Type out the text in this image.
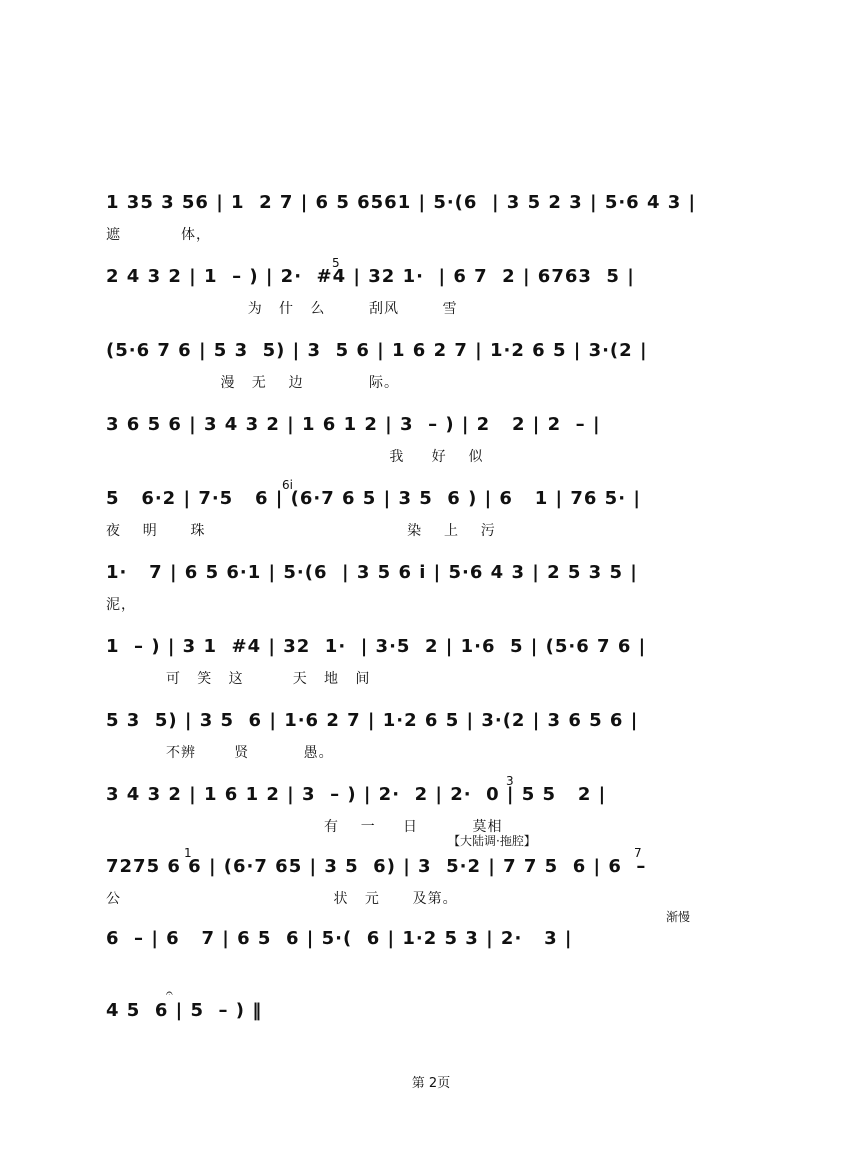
1 35 3 56 | 1  2 7 | 6 5 6561 | 5·(6  | 3 5 2 3 | 5·6 4 3 |
遮           体，
2 4 3 2 | 1  – ) | 2·  #4 | 32 1·  | 6 7  2 | 6763  5 |
为   什   么        刮风        雪
5
(5·6 7 6 | 5 3  5) | 3  5 6 | 1 6 2 7 | 1·2 6 5 | 3·(2 |
漫   无    边            际。
3 6 5 6 | 3 4 3 2 | 1 6 1 2 | 3  – ) | 2   2 | 2  – |
我     好    似
5   6·2 | 7·5   6 | (6·7 6 5 | 3 5  6 ) | 6   1 | 76 5· |
夜    明      珠                                     染    上    污
6i
1·   7 | 6 5 6·1 | 5·(6  | 3 5 6 i | 5·6 4 3 | 2 5 3 5 |
泥，
1  – ) | 3 1  #4 | 32  1·  | 3·5  2 | 1·6  5 | (5·6 7 6 |
可   笑   这         天   地   间
5 3  5) | 3 5  6 | 1·6 2 7 | 1·2 6 5 | 3·(2 | 3 6 5 6 |
不辨       贤          愚。
3 4 3 2 | 1 6 1 2 | 3  – ) | 2·  2 | 2·  0 | 5 5   2 |
有    一     日          莫相
3
【大陆调·拖腔】
7
1
7275 6 6 | (6·7 65 | 3 5  6) | 3  5·2 | 7 7 5  6 | 6  –
公                                       状   元      及第。
渐慢
6  – | 6   7 | 6 5  6 | 5·(  6 | 1·2 5 3 | 2·   3 |
𝄐
4 5  6 | 5  – ) ‖
第 2页
